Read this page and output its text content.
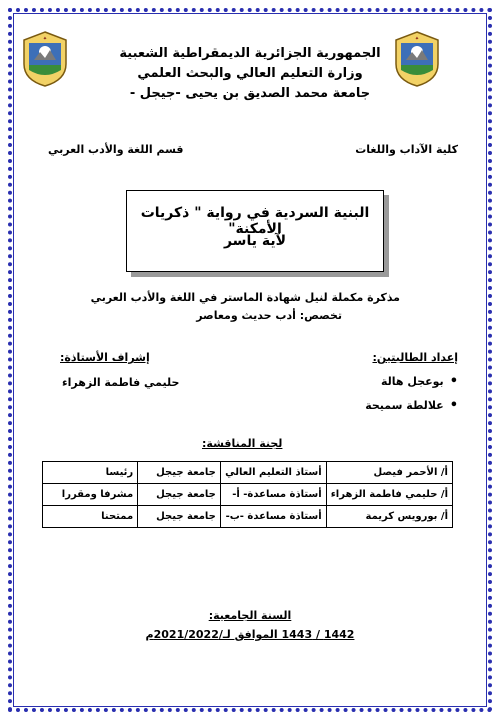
✦	✦
الجمهورية الجزائرية الديمقراطية الشعبية
وزارة التعليم العالي والبحث العلمي
جامعة محمد الصديق بن يحيى -جيجل -
كلية الآداب واللغات
قسم اللغة والأدب العربي
البنية السردية في رواية " ذكريات الأمكنة"
لآية ياسر
مذكرة مكملة لنيل شهادة الماستر في اللغة والأدب العربي
تخصص: أدب حديث ومعاصر
إعداد الطالبتين:
• بوعجل هالة
• علالطة سميحة
إشراف الأستاذة:
حليمي فاطمة الزهراء
لجنة المناقشة:
أ/ الأحمر فيصل	أستاذ التعليم العالي	جامعة جيجل	رئيسا
أ/ حليمي فاطمة الزهراء	أستاذة مساعدة- أ-	جامعة جيجل	مشرفا ومقررا
أ/ بورويس كريمة	أستاذة مساعدة -ب-	جامعة جيجل	ممتحنا
السنة الجامعية:
1442 / 1443 الموافق لـ/2021/2022م
